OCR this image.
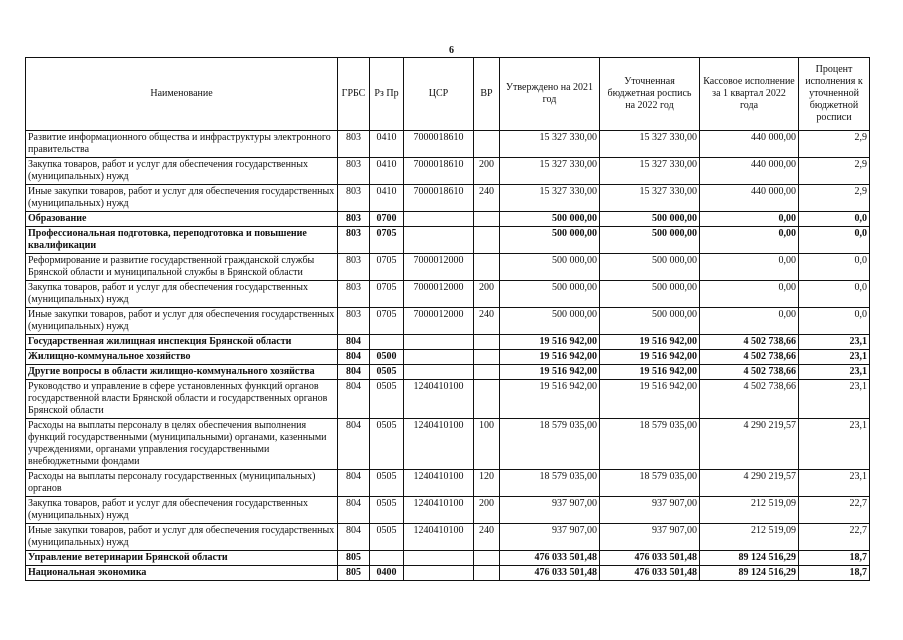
6
Наименование	ГРБС	Рз Пр	ЦСР	ВР	Утверждено на 2021 год	Уточненная бюджетная роспись на 2022 год	Кассовое исполнение за 1 квартал 2022 года	Процент исполнения к уточненной бюджетной росписи
Развитие информационного общества и инфраструктуры электронного правительства	803	0410	7000018610		15 327 330,00	15 327 330,00	440 000,00	2,9
Закупка товаров, работ и услуг для обеспечения государственных (муниципальных) нужд	803	0410	7000018610	200	15 327 330,00	15 327 330,00	440 000,00	2,9
Иные закупки товаров, работ и услуг для обеспечения государственных (муниципальных) нужд	803	0410	7000018610	240	15 327 330,00	15 327 330,00	440 000,00	2,9
Образование	803	0700			500 000,00	500 000,00	0,00	0,0
Профессиональная подготовка, переподготовка и повышение квалификации	803	0705			500 000,00	500 000,00	0,00	0,0
Реформирование и развитие государственной гражданской службы Брянской области и муниципальной службы в Брянской области	803	0705	7000012000		500 000,00	500 000,00	0,00	0,0
Закупка товаров, работ и услуг для обеспечения государственных (муниципальных) нужд	803	0705	7000012000	200	500 000,00	500 000,00	0,00	0,0
Иные закупки товаров, работ и услуг для обеспечения государственных (муниципальных) нужд	803	0705	7000012000	240	500 000,00	500 000,00	0,00	0,0
Государственная жилищная инспекция Брянской области	804				19 516 942,00	19 516 942,00	4 502 738,66	23,1
Жилищно-коммунальное хозяйство	804	0500			19 516 942,00	19 516 942,00	4 502 738,66	23,1
Другие вопросы в области жилищно-коммунального хозяйства	804	0505			19 516 942,00	19 516 942,00	4 502 738,66	23,1
Руководство и управление в сфере установленных функций органов государственной власти Брянской области и государственных органов Брянской области	804	0505	1240410100		19 516 942,00	19 516 942,00	4 502 738,66	23,1
Расходы на выплаты персоналу в целях обеспечения выполнения функций государственными (муниципальными) органами, казенными учреждениями, органами управления государственными внебюджетными фондами	804	0505	1240410100	100	18 579 035,00	18 579 035,00	4 290 219,57	23,1
Расходы на выплаты персоналу государственных (муниципальных) органов	804	0505	1240410100	120	18 579 035,00	18 579 035,00	4 290 219,57	23,1
Закупка товаров, работ и услуг для обеспечения государственных (муниципальных) нужд	804	0505	1240410100	200	937 907,00	937 907,00	212 519,09	22,7
Иные закупки товаров, работ и услуг для обеспечения государственных (муниципальных) нужд	804	0505	1240410100	240	937 907,00	937 907,00	212 519,09	22,7
Управление ветеринарии Брянской области	805				476 033 501,48	476 033 501,48	89 124 516,29	18,7
Национальная экономика	805	0400			476 033 501,48	476 033 501,48	89 124 516,29	18,7
